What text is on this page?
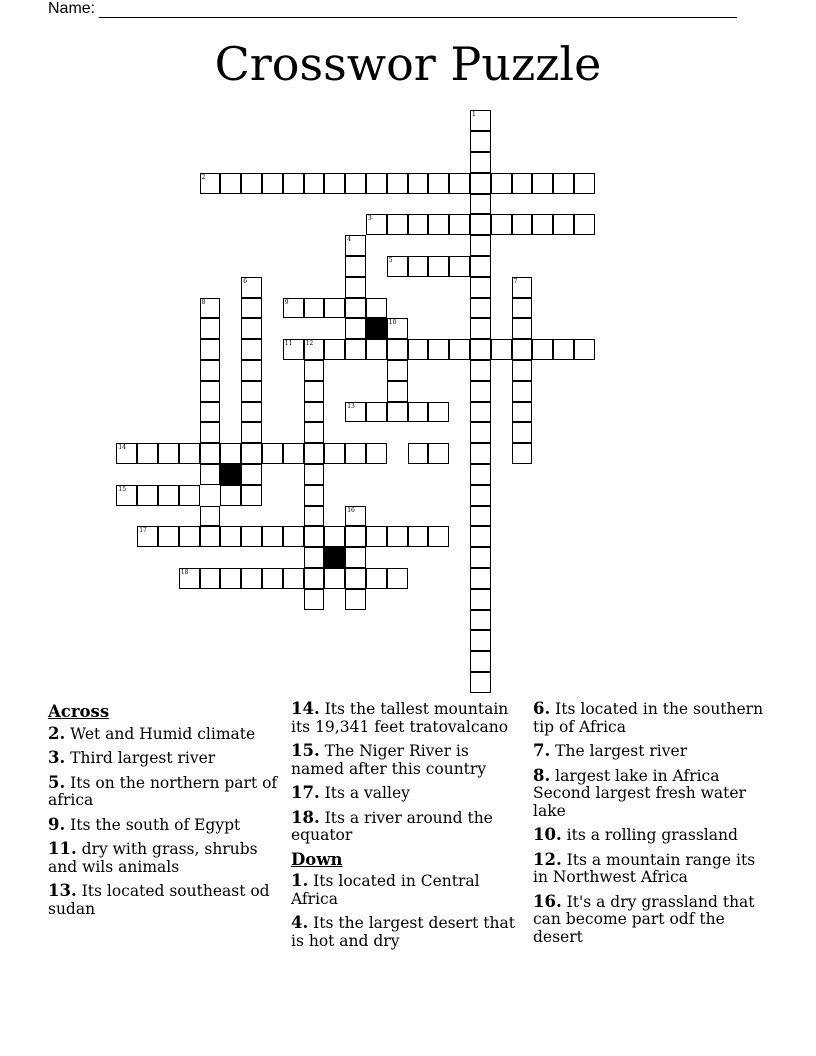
Name:
Crosswor Puzzle
1
2
3
4
5
6	7
8	9
10
11 12
13
14
15
16
17
18
Across
2. Wet and Humid climate
3. Third largest river
5. Its on the northern part of africa
9. Its the south of Egypt
11. dry with grass, shrubs and wils animals
13. Its located southeast od sudan
14. Its the tallest mountain its 19,341 feet tratovalcano
15. The Niger River is named after this country
17. Its a valley
18. Its a river around the equator
Down
1. Its located in Central Africa
4. Its the largest desert that is hot and dry
6. Its located in the southern tip of Africa
7. The largest river
8. largest lake in Africa Second largest fresh water lake
10. its a rolling grassland
12. Its a mountain range its in Northwest Africa
16. It's a dry grassland that can become part odf the desert
